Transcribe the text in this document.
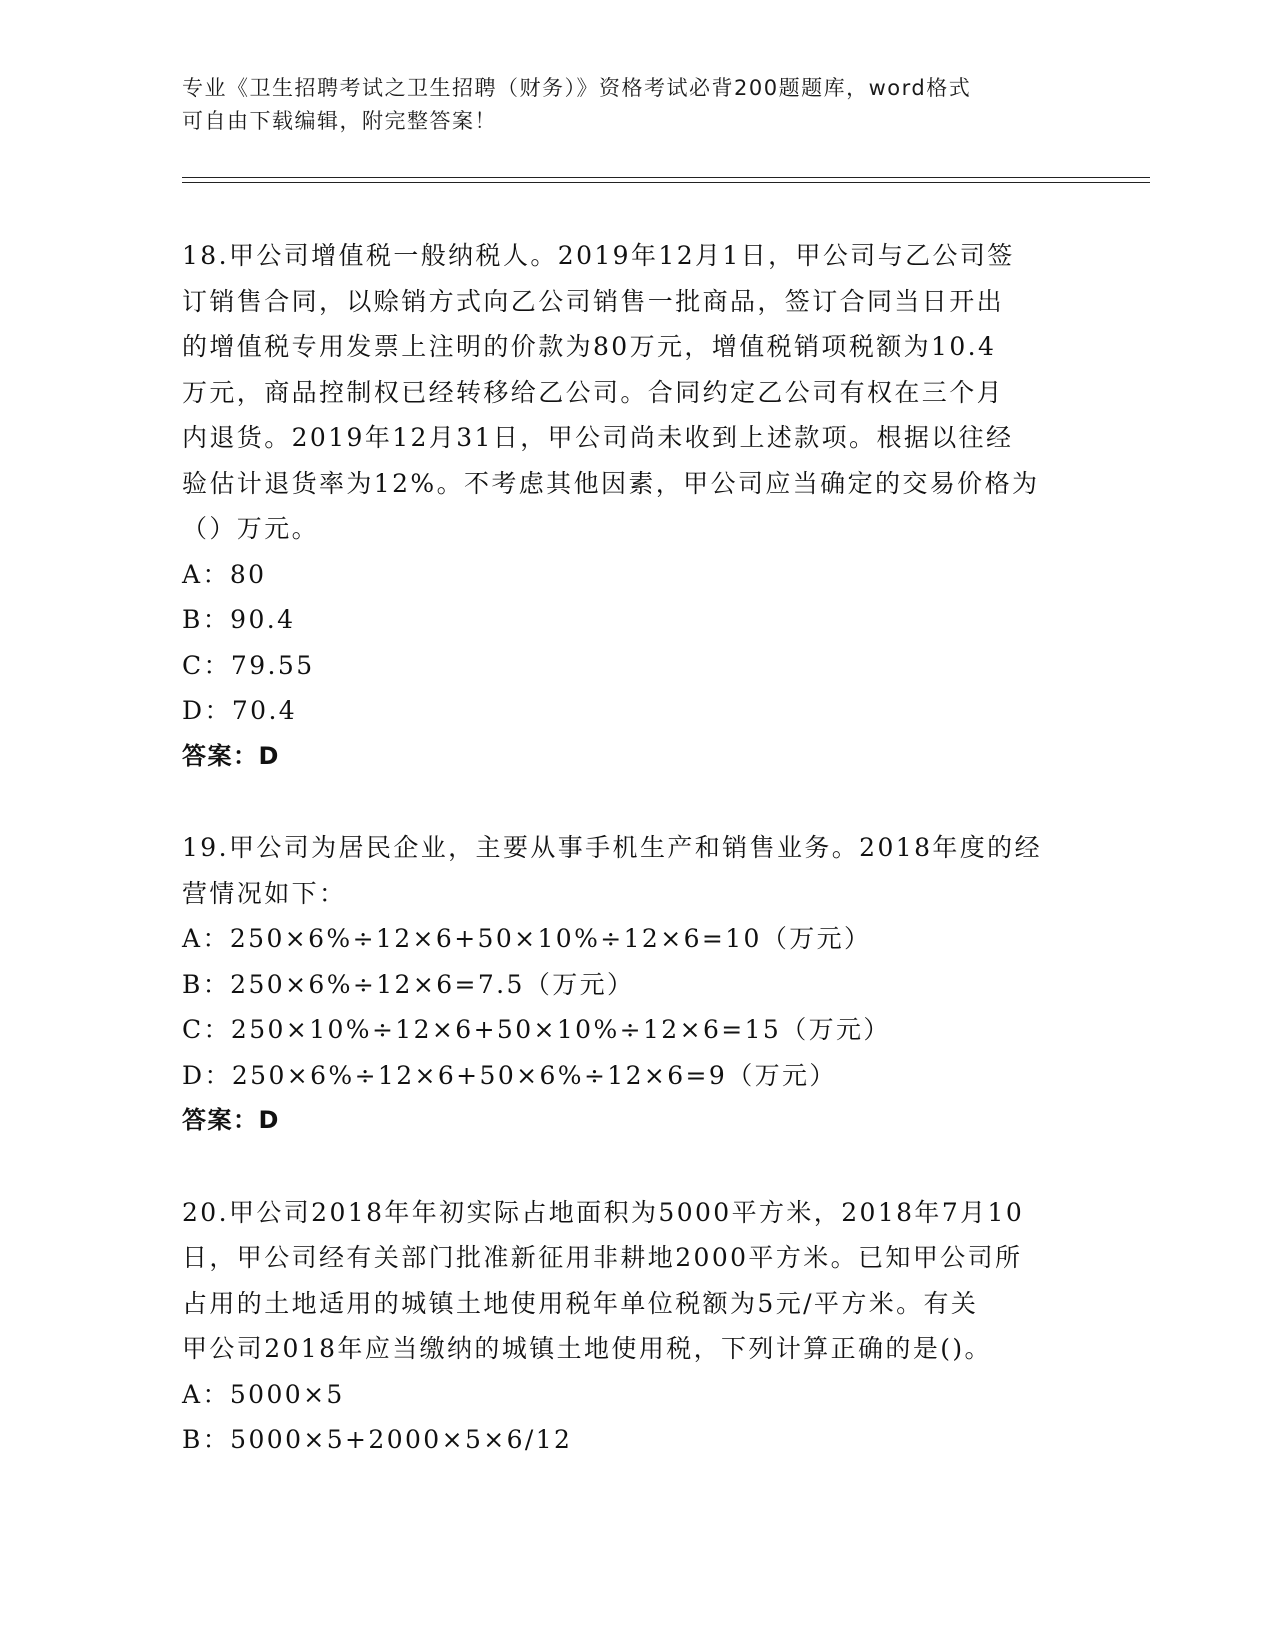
专业《卫生招聘考试之卫生招聘（财务）》资格考试必背200题题库，word格式
可自由下载编辑，附完整答案！
18.甲公司增值税一般纳税人。2019年12月1日，甲公司与乙公司签
订销售合同，以赊销方式向乙公司销售一批商品，签订合同当日开出
的增值税专用发票上注明的价款为80万元，增值税销项税额为10.4
万元，商品控制权已经转移给乙公司。合同约定乙公司有权在三个月
内退货。2019年12月31日，甲公司尚未收到上述款项。根据以往经
验估计退货率为12%。不考虑其他因素，甲公司应当确定的交易价格为
（）万元。
A：80
B：90.4
C：79.55
D：70.4
答案：D
19.甲公司为居民企业，主要从事手机生产和销售业务。2018年度的经
营情况如下：
A：250×6%÷12×6+50×10%÷12×6=10（万元）
B：250×6%÷12×6=7.5（万元）
C：250×10%÷12×6+50×10%÷12×6=15（万元）
D：250×6%÷12×6+50×6%÷12×6=9（万元）
答案：D
20.甲公司2018年年初实际占地面积为5000平方米，2018年7月10
日，甲公司经有关部门批准新征用非耕地2000平方米。已知甲公司所
占用的土地适用的城镇土地使用税年单位税额为5元/平方米。有关
甲公司2018年应当缴纳的城镇土地使用税，下列计算正确的是()。
A：5000×5
B：5000×5+2000×5×6/12
